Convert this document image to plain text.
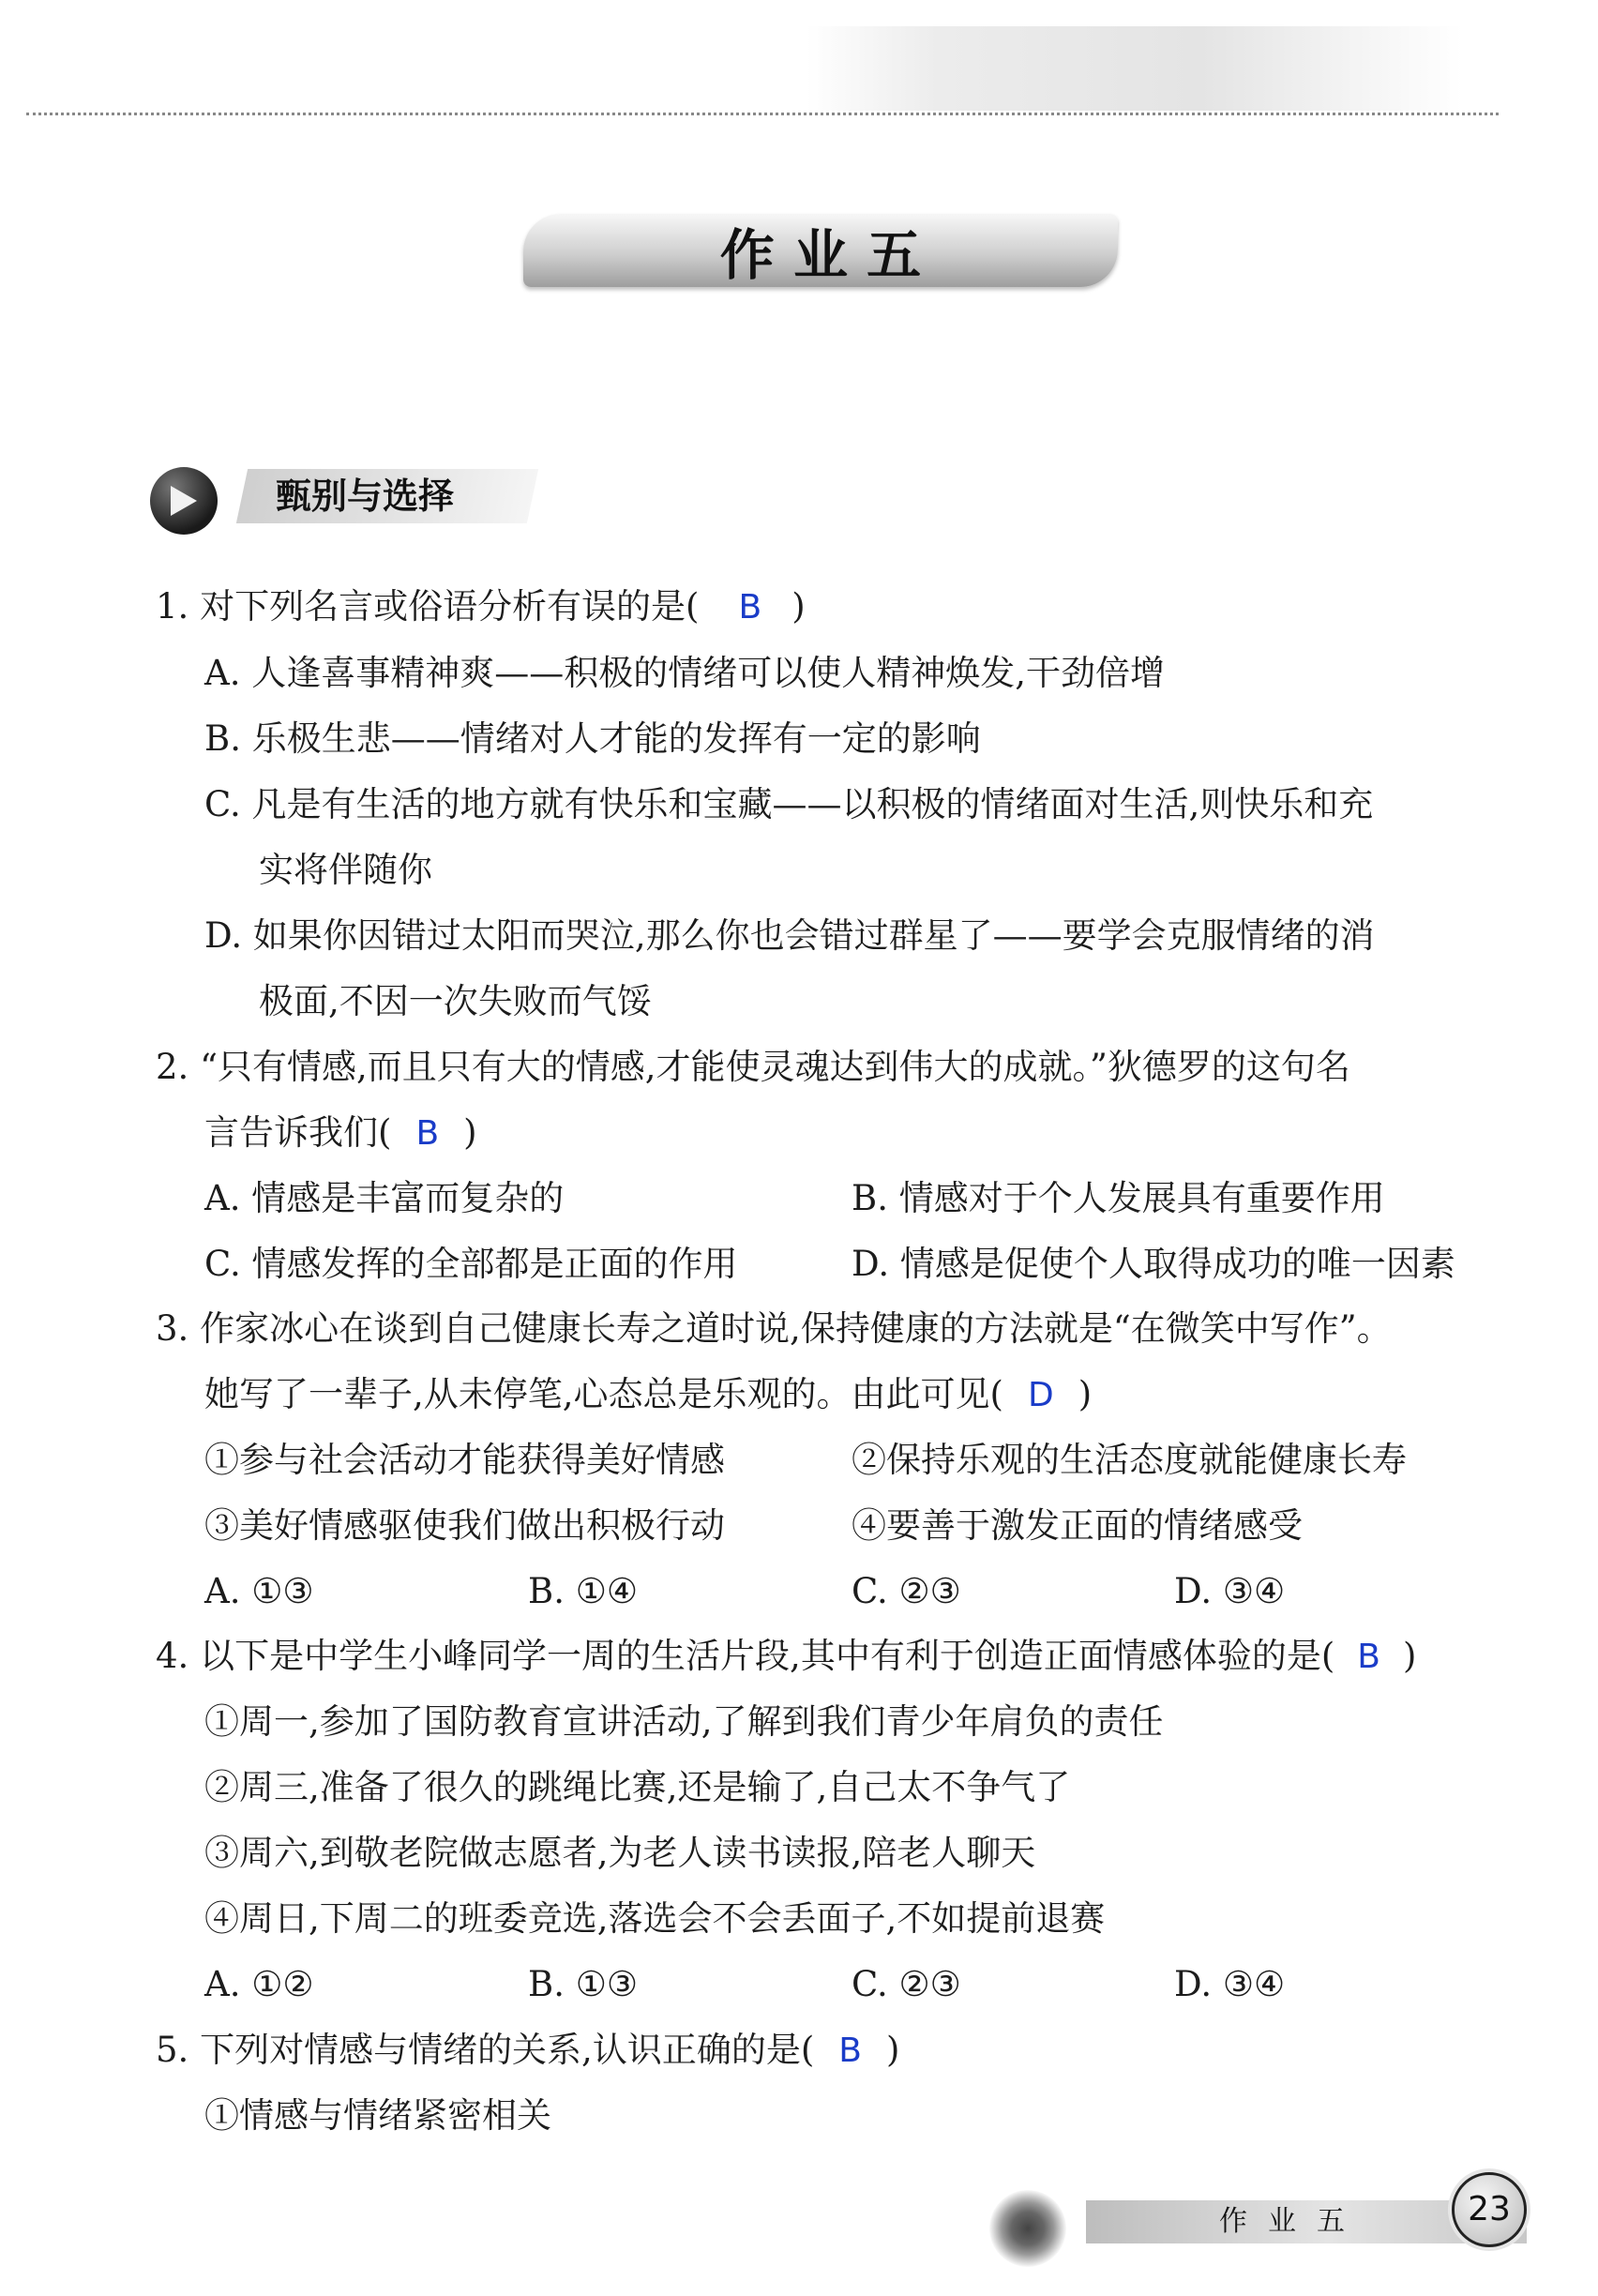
作 业 五
甄别与选择
1. 对下列名言或俗语分析有误的是( B )
A. 人逢喜事精神爽——积极的情绪可以使人精神焕发,干劲倍增
B. 乐极生悲——情绪对人才能的发挥有一定的影响
C. 凡是有生活的地方就有快乐和宝藏——以积极的情绪面对生活,则快乐和充
实将伴随你
D. 如果你因错过太阳而哭泣,那么你也会错过群星了——要学会克服情绪的消
极面,不因一次失败而气馁
2. “只有情感,而且只有大的情感,才能使灵魂达到伟大的成就。”狄德罗的这句名
言告诉我们( B )
A. 情感是丰富而复杂的	B. 情感对于个人发展具有重要作用
C. 情感发挥的全部都是正面的作用	D. 情感是促使个人取得成功的唯一因素
3. 作家冰心在谈到自己健康长寿之道时说,保持健康的方法就是“在微笑中写作”。
她写了一辈子,从未停笔,心态总是乐观的。由此可见( D )
①参与社会活动才能获得美好情感	②保持乐观的生活态度就能健康长寿
③美好情感驱使我们做出积极行动	④要善于激发正面的情绪感受
A. ①③	B. ①④	C. ②③	D. ③④
4. 以下是中学生小峰同学一周的生活片段,其中有利于创造正面情感体验的是( B )
①周一,参加了国防教育宣讲活动,了解到我们青少年肩负的责任
②周三,准备了很久的跳绳比赛,还是输了,自己太不争气了
③周六,到敬老院做志愿者,为老人读书读报,陪老人聊天
④周日,下周二的班委竞选,落选会不会丢面子,不如提前退赛
A. ①②	B. ①③	C. ②③	D. ③④
5. 下列对情感与情绪的关系,认识正确的是( B )
①情感与情绪紧密相关
作业五	23
